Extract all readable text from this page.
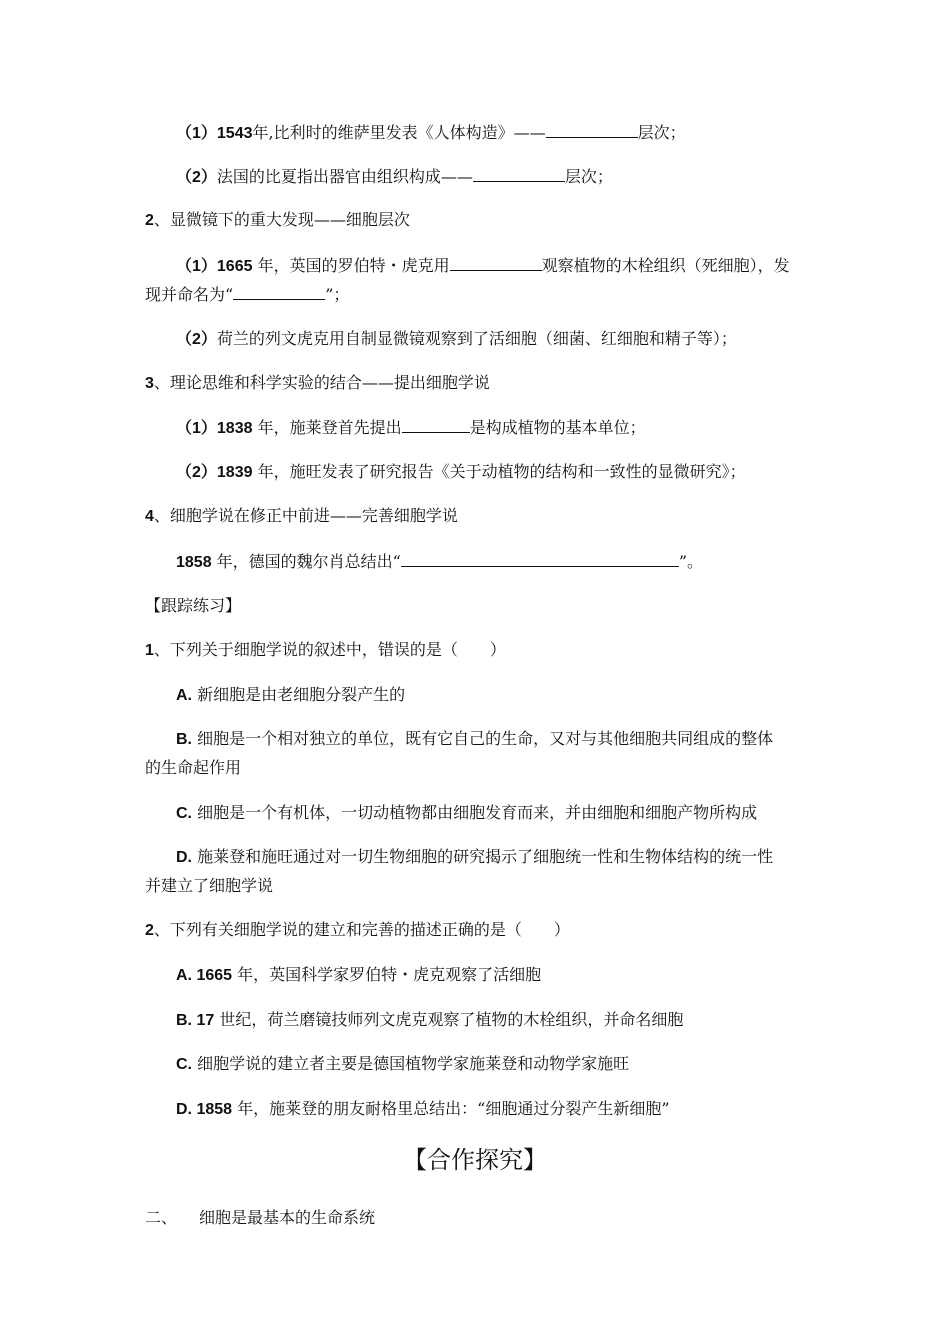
（1）1543年,比利时的维萨里发表《人体构造》——	层次；
（2）法国的比夏指出器官由组织构成——	层次；
2、显微镜下的重大发现——细胞层次
（1）1665 年，英国的罗伯特・虎克用	观察植物的木栓组织（死细胞），发
现并命名为“	”；
（2）荷兰的列文虎克用自制显微镜观察到了活细胞（细菌、红细胞和精子等）；
3、理论思维和科学实验的结合——提出细胞学说
（1）1838 年，施莱登首先提出	是构成植物的基本单位；
（2）1839 年，施旺发表了研究报告《关于动植物的结构和一致性的显微研究》；
4、细胞学说在修正中前进——完善细胞学说
1858 年，德国的魏尔肖总结出“	”。
【跟踪练习】
1、下列关于细胞学说的叙述中，错误的是（　　）
A. 新细胞是由老细胞分裂产生的
B. 细胞是一个相对独立的单位，既有它自己的生命，又对与其他细胞共同组成的整体
的生命起作用
C. 细胞是一个有机体，一切动植物都由细胞发育而来，并由细胞和细胞产物所构成
D. 施莱登和施旺通过对一切生物细胞的研究揭示了细胞统一性和生物体结构的统一性
并建立了细胞学说
2、下列有关细胞学说的建立和完善的描述正确的是（　　）
A. 1665 年，英国科学家罗伯特・虎克观察了活细胞
B. 17 世纪，荷兰磨镜技师列文虎克观察了植物的木栓组织，并命名细胞
C. 细胞学说的建立者主要是德国植物学家施莱登和动物学家施旺
D. 1858 年，施莱登的朋友耐格里总结出：“细胞通过分裂产生新细胞”
【合作探究】
二、 细胞是最基本的生命系统
